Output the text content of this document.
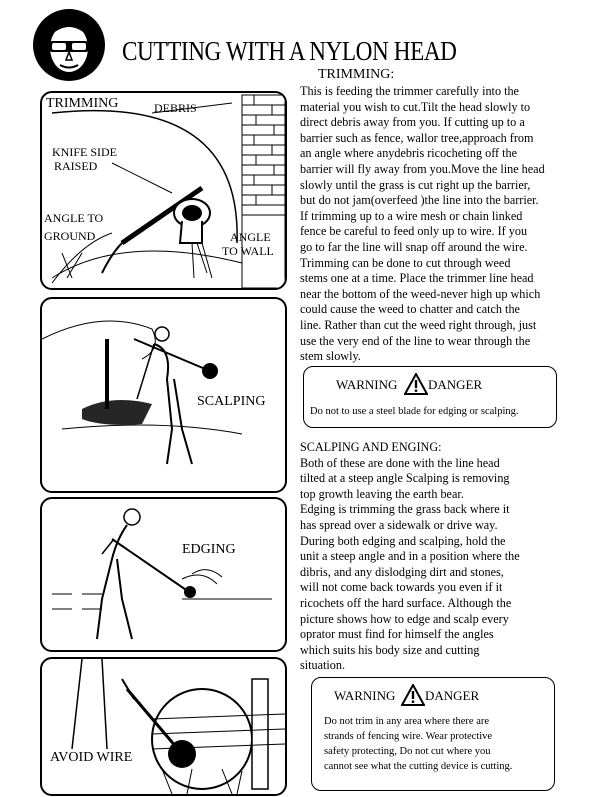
CUTTING WITH A NYLON HEAD
TRIMMING	DEBRIS
KNIFE SIDE
RAISED
ANGLE TO
GROUND	ANGLE
TO WALL
SCALPING
EDGING
AVOID WIRE
TRIMMING:

This is feeding the trimmer carefully into the

material you wish to cut.Tilt the head slowly to

direct debris away from you. If cutting up to a

barrier such as fence, wallor tree,approach from

an angle where anydebris ricocheting off the

barrier will fly away from you.Move the line head

slowly until the grass is cut right up the barrier,

but do not jam(overfeed )the line into the barrier.

If trimming up to a wire mesh or chain linked

fence be careful to feed only up to wire. If you

go to far the line will snap off around the wire.

Trimming can be done to cut through weed

stems one at a time. Place the trimmer line head

near the bottom of the weed-never high up which

could cause the weed to chatter and catch the

line. Rather than cut the weed right through, just

use the very end of the line to wear through the

stem slowly.

WARNING DANGER
Do not to use a steel blade for edging or scalping.

SCALPING AND ENGING:

Both of these are done with the line head

tilted at a steep angle Scalping is removing

top growth leaving the earth bear.

Edging is trimming the grass back where it

has spread over a sidewalk or drive way.

During both edging and scalping, hold the

unit a steep angle and in a position where the

dibris, and any dislodging dirt and stones,

will not come back towards you even if it

ricochets off the hard surface. Although the

picture shows how to edge and scalp every

oprator must find for himself the angles

which suits his body size and cutting

situation.

WARNING DANGER
Do not trim in any area where there are
strands of fencing wire. Wear protective
safety protecting, Do not cut where you
cannot see what the cutting device is cutting.
